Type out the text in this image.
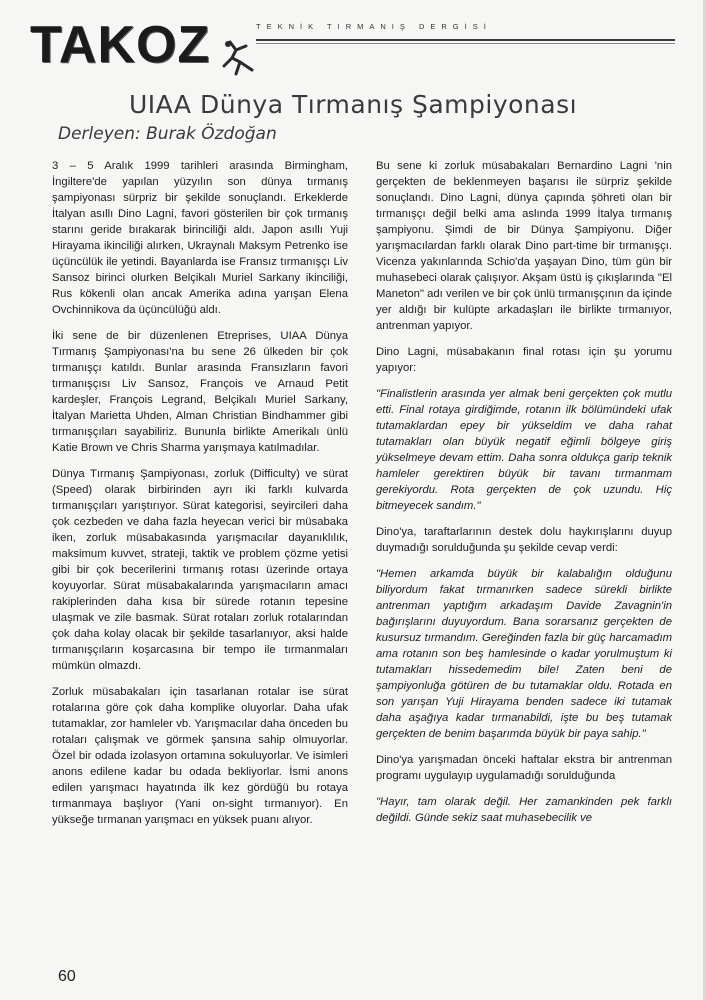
TAKOZ	TEKNİK TIRMANIŞ DERGİSİ
UIAA Dünya Tırmanış Şampiyonası
Derleyen: Burak Özdoğan

3 – 5 Aralık 1999 tarihleri arasında Birmingham, İngiltere'de yapılan yüzyılın son dünya tırmanış şampiyonası sürpriz bir şekilde sonuçlandı. Erkeklerde İtalyan asıllı Dino Lagni, favori gösterilen bir çok tırmanış starını geride bırakarak birinciliği aldı. Japon asıllı Yuji Hirayama ikinciliği alırken, Ukraynalı Maksym Petrenko ise üçüncülük ile yetindi. Bayanlarda ise Fransız tırmanışçı Liv Sansoz birinci olurken Belçikalı Muriel Sarkany ikinciliği, Rus kökenli olan ancak Amerika adına yarışan Elena Ovchinnikova da üçüncülüğü aldı.

İki sene de bir düzenlenen Etreprises, UIAA Dünya Tırmanış Şampiyonası'na bu sene 26 ülkeden bir çok tırmanışçı katıldı. Bunlar arasında Fransızların favori tırmanışçısı Liv Sansoz, François ve Arnaud Petit kardeşler, François Legrand, Belçikalı Muriel Sarkany, İtalyan Marietta Uhden, Alman Christian Bindhammer gibi tırmanışçıları sayabiliriz. Bununla birlikte Amerikalı ünlü Katie Brown ve Chris Sharma yarışmaya katılmadılar.

Dünya Tırmanış Şampiyonası, zorluk (Difficulty) ve sürat (Speed) olarak birbirinden ayrı iki farklı kulvarda tırmanışçıları yarıştırıyor. Sürat kategorisi, seyircileri daha çok cezbeden ve daha fazla heyecan verici bir müsabaka iken, zorluk müsabakasında yarışmacılar dayanıklılık, maksimum kuvvet, strateji, taktik ve problem çözme yetisi gibi bir çok becerilerini tırmanış rotası üzerinde ortaya koyuyorlar. Sürat müsabakalarında yarışmacıların amacı rakiplerinden daha kısa bir sürede rotanın tepesine ulaşmak ve zile basmak. Sürat rotaları zorluk rotalarından çok daha kolay olacak bir şekilde tasarlanıyor, aksi halde tırmanışçıların koşarcasına bir tempo ile tırmanmaları mümkün olmazdı.

Zorluk müsabakaları için tasarlanan rotalar ise sürat rotalarına göre çok daha komplike oluyorlar. Daha ufak tutamaklar, zor hamleler vb. Yarışmacılar daha önceden bu rotaları çalışmak ve görmek şansına sahip olmuyorlar. Özel bir odada izolasyon ortamına sokuluyorlar. Ve isimleri anons edilene kadar bu odada bekliyorlar. İsmi anons edilen yarışmacı hayatında ilk kez gördüğü bu rotaya tırmanmaya başlıyor (Yani on-sight tırmanıyor). En yükseğe tırmanan yarışmacı en yüksek puanı alıyor.

Bu sene ki zorluk müsabakaları Bernardino Lagni 'nin gerçekten de beklenmeyen başarısı ile sürpriz şekilde sonuçlandı. Dino Lagni, dünya çapında şöhreti olan bir tırmanışçı değil belki ama aslında 1999 İtalya tırmanış şampiyonu. Şimdi de bir Dünya Şampiyonu. Diğer yarışmacılardan farklı olarak Dino part-time bir tırmanışçı. Vicenza yakınlarında Schio'da yaşayan Dino, tüm gün bir muhasebeci olarak çalışıyor. Akşam üstü iş çıkışlarında "El Maneton" adı verilen ve bir çok ünlü tırmanışçının da içinde yer aldığı bir kulüpte arkadaşları ile birlikte tırmanıyor, antrenman yapıyor.

Dino Lagni, müsabakanın final rotası için şu yorumu yapıyor:

"Finalistlerin arasında yer almak beni gerçekten çok mutlu etti. Final rotaya girdiğimde, rotanın ilk bölümündeki ufak tutamaklardan epey bir yükseldim ve daha rahat tutamakları olan büyük negatif eğimli bölgeye giriş yükselmeye devam ettim. Daha sonra oldukça garip teknik hamleler gerektiren büyük bir tavanı tırmanmam gerekiyordu. Rota gerçekten de çok uzundu. Hiç bitmeyecek sandım."

Dino'ya, taraftarlarının destek dolu haykırışlarını duyup duymadığı sorulduğunda şu şekilde cevap verdi:

"Hemen arkamda büyük bir kalabalığın olduğunu biliyordum fakat tırmanırken sadece sürekli birlikte antrenman yaptığım arkadaşım Davide Zavagnin'in bağırışlarını duyuyordum. Bana sorarsanız gerçekten de kusursuz tırmandım. Gereğinden fazla bir güç harcamadım ama rotanın son beş hamlesinde o kadar yorulmuştum ki tutamakları hissedemedim bile! Zaten beni de şampiyonluğa götüren de bu tutamaklar oldu. Rotada en son yarışan Yuji Hirayama benden sadece iki tutamak daha aşağıya kadar tırmanabildi, işte bu beş tutamak gerçekten de benim başarımda büyük bir paya sahip."

Dino'ya yarışmadan önceki haftalar ekstra bir antrenman programı uygulayıp uygulamadığı sorulduğunda

"Hayır, tam olarak değil. Her zamankinden pek farklı değildi. Günde sekiz saat muhasebecilik ve

60
